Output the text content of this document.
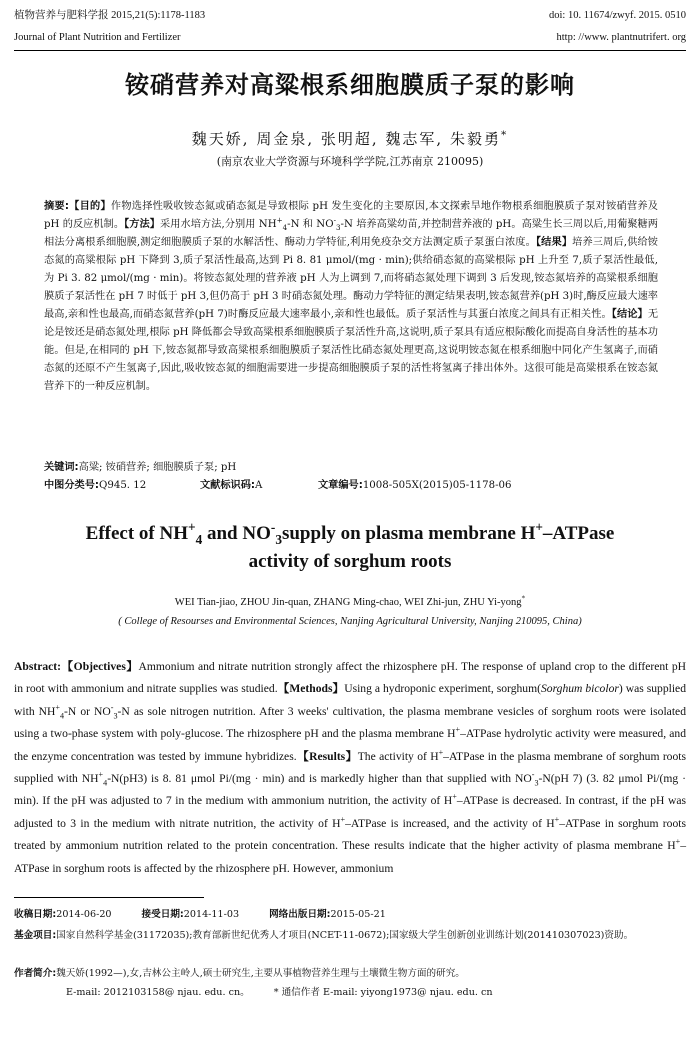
植物营养与肥料学报 2015,21(5):1178-1183	doi: 10. 11674/zwyf. 2015. 0510
Journal of Plant Nutrition and Fertilizer	http: //www. plantnutrifert. org
铵硝营养对高粱根系细胞膜质子泵的影响
魏天娇, 周金泉, 张明超, 魏志军, 朱毅勇*
(南京农业大学资源与环境科学学院,江苏南京 210095)
摘要:【目的】作物选择性吸收铵态氮或硝态氮是导致根际 pH 发生变化的主要原因,本文探索旱地作物根系细胞膜质子泵对铵硝营养及 pH 的反应机制。【方法】采用水培方法,分别用 $NH^+_4-N$ 和 $NO^-_3-N$ 培养高粱幼苗,并控制营养液的 pH。高粱生长三周以后,用葡聚糖两相法分离根系细胞膜,测定细胞膜质子泵的水解活性、酶动力学特征,利用免疫杂交方法测定质子泵蛋白浓度。【结果】培养三周后,供给铵态氮的高粱根际 pH 下降到 3,质子泵活性最高,达到 Pi 8. 81 μmol/(mg · min);供给硝态氮的高粱根际 pH 上升至 7,质子泵活性最低,为 Pi 3. 82 μmol/(mg · min)。将铵态氮处理的营养液 pH 人为上调到 7,而将硝态氮处理下调到 3 后发现,铵态氮培养的高粱根系细胞膜质子泵活性在 pH 7 时低于 pH 3,但仍高于 pH 3 时硝态氮处理。酶动力学特征的测定结果表明,铵态氮营养(pH 3)时,酶反应最大速率最高,亲和性也最高,而硝态氮营养(pH 7)时酶反应最大速率最小,亲和性也最低。质子泵活性与其蛋白浓度之间具有正相关性。【结论】无论是铵还是硝态氮处理,根际 pH 降低都会导致高粱根系细胞膜质子泵活性升高,这说明,质子泵具有适应根际酸化而提高自身活性的基本功能。但是,在相同的 pH 下,铵态氮都导致高粱根系细胞膜质子泵活性比硝态氮处理更高,这说明铵态氮在根系细胞中同化产生氢离子,而硝态氮的还原不产生氢离子,因此,吸收铵态氮的细胞需要进一步提高细胞膜质子泵的活性将氢离子排出体外。这很可能是高粱根系在铵态氮营养下的一种反应机制。
关键词:高粱; 铵硝营养; 细胞膜质子泵; pH
中图分类号:Q945. 12	文献标识码:A	文章编号:1008-505X(2015)05-1178-06
Effect of $NH^+_4$ and $NO^-_3supply$ on plasma membrane H+–ATPase
activity of sorghum roots
WEI Tian-jiao, ZHOU Jin-quan, ZHANG Ming-chao, WEI Zhi-jun, ZHU Yi-yong*
( College of Resourses and Environmental Sciences, Nanjing Agricultural University, Nanjing 210095, China)
Abstract:【Objectives】Ammonium and nitrate nutrition strongly affect the rhizosphere pH. The response of upland crop to the different pH in root with ammonium and nitrate supplies was studied.【Methods】Using a hydroponic experiment, sorghum(Sorghum bicolor) was supplied with $NH^+_4-N$ or $NO^-_3-N$ as sole nitrogen nutrition. After 3 weeks' cultivation, the plasma membrane vesicles of sorghum roots were isolated using a two-phase system with poly-glucose. The rhizosphere pH and the plasma membrane H+–ATPase hydrolytic activity were measured, and the enzyme concentration was tested by immune hybridizes.【Results】The activity of H+–ATPase in the plasma membrane of sorghum roots supplied with $NH^+_4-N(pH3)$ is 8. 81 μmol Pi/(mg · min) and is markedly higher than that supplied with $NO^-_3-N(pH$ 7) (3. 82 μmol Pi/(mg · min). If the pH was adjusted to 7 in the medium with ammonium nutrition, the activity of H+–ATPase is decreased. In contrast, if the pH was adjusted to 3 in the medium with nitrate nutrition, the activity of H+–ATPase is increased, and the activity of H+–ATPase in sorghum roots treated by ammonium nutrition related to the protein concentration. These results indicate that the higher activity of plasma membrane H+–ATPase in sorghum roots is affected by the rhizosphere pH. However, ammonium
收稿日期:2014-06-20	接受日期:2014-11-03	网络出版日期:2015-05-21
基金项目:国家自然科学基金(31172035);教育部新世纪优秀人才项目(NCET-11-0672);国家级大学生创新创业训练计划(201410307023)资助。
作者简介:魏天娇(1992—),女,吉林公主岭人,硕士研究生,主要从事植物营养生理与土壤微生物方面的研究。
E-mail: 2012103158@ njau. edu. cn。	* 通信作者 E-mail: yiyong1973@ njau. edu. cn
